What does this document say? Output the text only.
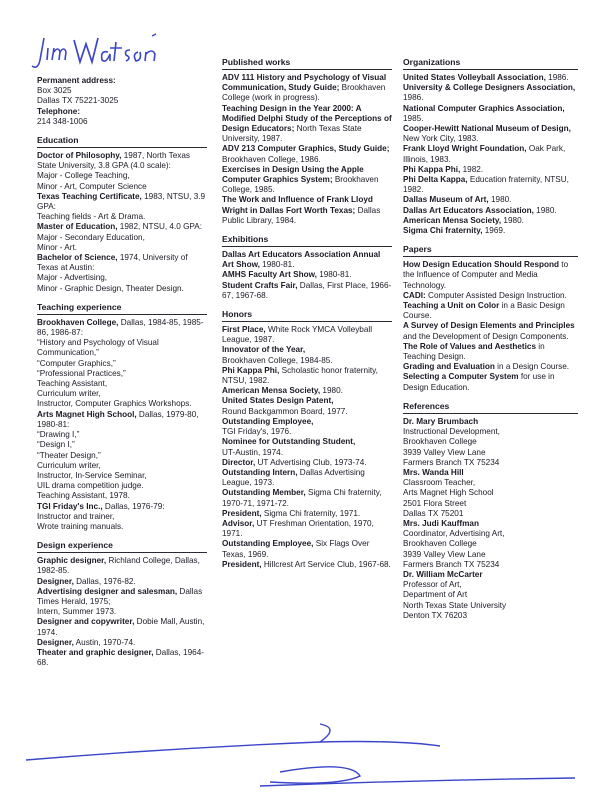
Permanent address:
Box 3025
Dallas TX 75221-3025
Telephone:
214 348-1006
Education
Doctor of Philosophy, 1987, North Texas State University, 3.8 GPA (4.0 scale):
Major - College Teaching,
Minor - Art, Computer Science
Texas Teaching Certificate, 1983, NTSU, 3.9 GPA:
Teaching fields - Art & Drama.
Master of Education, 1982, NTSU, 4.0 GPA:
Major - Secondary Education,
Minor - Art.
Bachelor of Science, 1974, University of Texas at Austin:
Major - Advertising,
Minor - Graphic Design, Theater Design.
Teaching experience
Brookhaven College, Dallas, 1984-85, 1985-86, 1986-87:
“History and Psychology of Visual Communication,”
“Computer Graphics,”
“Professional Practices,”
Teaching Assistant,
Curriculum writer,
Instructor, Computer Graphics Workshops.
Arts Magnet High School, Dallas, 1979-80, 1980-81:
“Drawing I,”
“Design I,”
“Theater Design,”
Curriculum writer,
Instructor, In-Service Seminar,
UIL drama competition judge.
Teaching Assistant, 1978.
TGI Friday's Inc., Dallas, 1976-79:
Instructor and trainer,
Wrote training manuals.
Design experience
Graphic designer, Richland College, Dallas, 1982-85.
Designer, Dallas, 1976-82.
Advertising designer and salesman, Dallas Times Herald, 1975;
Intern, Summer 1973.
Designer and copywriter, Dobie Mall, Austin, 1974.
Designer, Austin, 1970-74.
Theater and graphic designer, Dallas, 1964-68.
Published works
ADV 111 History and Psychology of Visual Communication, Study Guide; Brookhaven College (work in progress).
Teaching Design in the Year 2000: A Modified Delphi Study of the Perceptions of Design Educators; North Texas State University, 1987.
ADV 213 Computer Graphics, Study Guide; Brookhaven College, 1986.
Exercises in Design Using the Apple Computer Graphics System; Brookhaven College, 1985.
The Work and Influence of Frank Lloyd Wright in Dallas Fort Worth Texas; Dallas Public Library, 1984.
Exhibitions
Dallas Art Educators Association Annual Art Show, 1980-81.
AMHS Faculty Art Show, 1980-81.
Student Crafts Fair, Dallas, First Place, 1966-67, 1967-68.
Honors
First Place, White Rock YMCA Volleyball League, 1987.
Innovator of the Year,
Brookhaven College, 1984-85.
Phi Kappa Phi, Scholastic honor fraternity, NTSU, 1982.
American Mensa Society, 1980.
United States Design Patent,
Round Backgammon Board, 1977.
Outstanding Employee,
TGI Friday's, 1976.
Nominee for Outstanding Student,
UT-Austin, 1974.
Director, UT Advertising Club, 1973-74.
Outstanding Intern, Dallas Advertising League, 1973.
Outstanding Member, Sigma Chi fraternity, 1970-71, 1971-72.
President, Sigma Chi fraternity, 1971.
Advisor, UT Freshman Orientation, 1970, 1971.
Outstanding Employee, Six Flags Over Texas, 1969.
President, Hillcrest Art Service Club, 1967-68.
Organizations
United States Volleyball Association, 1986.
University & College Designers Association, 1986.
National Computer Graphics Association, 1985.
Cooper-Hewitt National Museum of Design, New York City, 1983.
Frank Lloyd Wright Foundation, Oak Park, Illinois, 1983.
Phi Kappa Phi, 1982.
Phi Delta Kappa, Education fraternity, NTSU, 1982.
Dallas Museum of Art, 1980.
Dallas Art Educators Association, 1980.
American Mensa Society, 1980.
Sigma Chi fraternity, 1969.
Papers
How Design Education Should Respond to the Influence of Computer and Media Technology.
CADI: Computer Assisted Design Instruction.
Teaching a Unit on Color in a Basic Design Course.
A Survey of Design Elements and Principles and the Development of Design Components.
The Role of Values and Aesthetics in Teaching Design.
Grading and Evaluation in a Design Course.
Selecting a Computer System for use in Design Education.
References
Dr. Mary Brumbach
Instructional Development,
Brookhaven College
3939 Valley View Lane
Farmers Branch TX 75234
Mrs. Wanda Hill
Classroom Teacher,
Arts Magnet High School
2501 Flora Street
Dallas TX 75201
Mrs. Judi Kauffman
Coordinator, Advertising Art,
Brookhaven College
3939 Valley View Lane
Farmers Branch TX 75234
Dr. William McCarter
Professor of Art,
Department of Art
North Texas State University
Denton TX 76203
